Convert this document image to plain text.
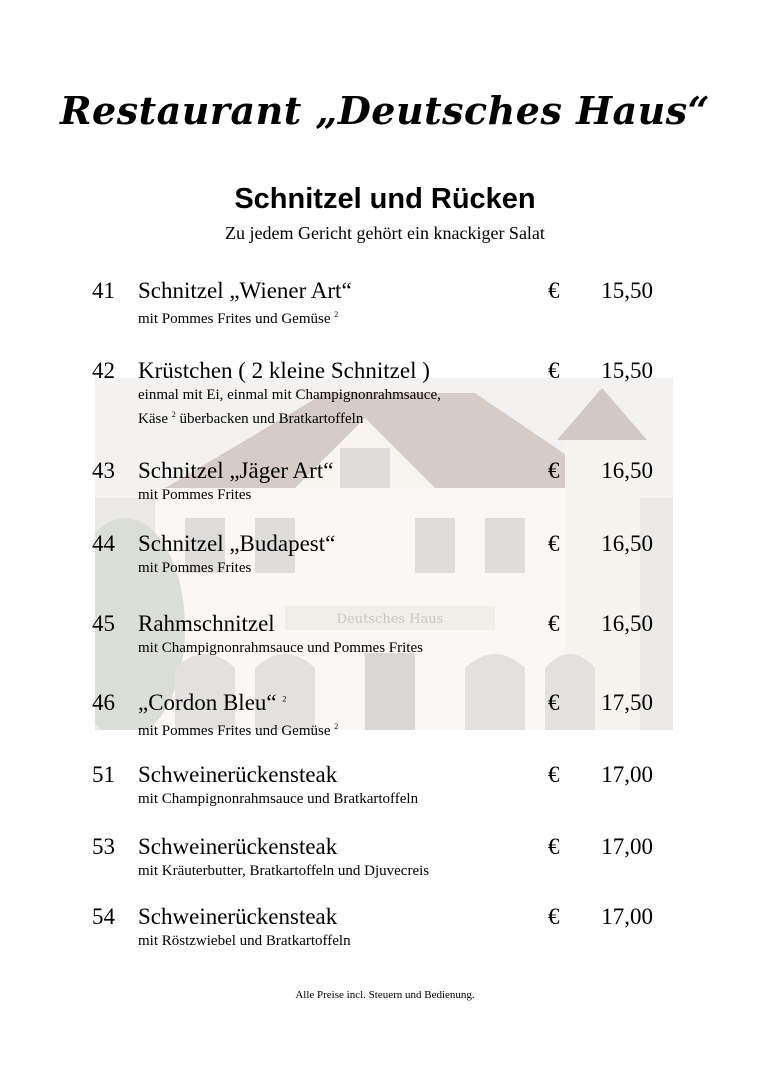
Deutsches Haus
Restaurant „Deutsches Haus“
Schnitzel und Rücken
Zu jedem Gericht gehört ein knackiger Salat
41 Schnitzel „Wiener Art“	€	15,50
mit Pommes Frites und Gemüse $^2$
42 Krüstchen ( 2 kleine Schnitzel )	€	15,50
einmal mit Ei, einmal mit Champignonrahmsauce,
Käse $^2$ überbacken und Bratkartoffeln
43 Schnitzel „Jäger Art“	€	16,50
mit Pommes Frites
44 Schnitzel „Budapest“	€	16,50
mit Pommes Frites
45 Rahmschnitzel	€	16,50
mit Champignonrahmsauce und Pommes Frites
46 „Cordon Bleu“ $^2$	€	17,50
mit Pommes Frites und Gemüse $^2$
51 Schweinerückensteak	€	17,00
mit Champignonrahmsauce und Bratkartoffeln
53 Schweinerückensteak	€	17,00
mit Kräuterbutter, Bratkartoffeln und Djuvecreis
54 Schweinerückensteak	€	17,00
mit Röstzwiebel und Bratkartoffeln
Alle Preise incl. Steuern und Bedienung.
